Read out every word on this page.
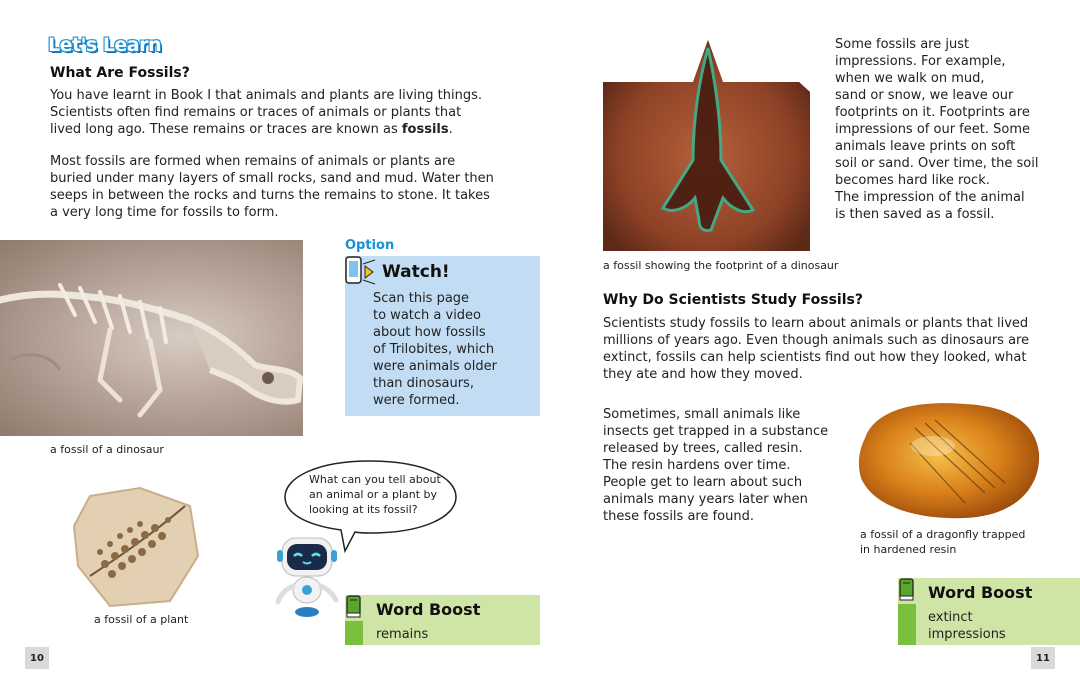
Let's Learn
What Are Fossils?
You have learnt in Book I that animals and plants are living things.
Scientists often find remains or traces of animals or plants that
lived long ago. These remains or traces are known as fossils.
Most fossils are formed when remains of animals or plants are
buried under many layers of small rocks, sand and mud. Water then
seeps in between the rocks and turns the remains to stone. It takes
a very long time for fossils to form.
a fossil of a dinosaur
Option
Watch!
Scan this page
to watch a video
about how fossils
of Trilobites, which
were animals older
than dinosaurs,
were formed.
a fossil of a plant
What can you tell about
an animal or a plant by
looking at its fossil?
Word Boost
remains
10
Some fossils are just
impressions. For example,
when we walk on mud,
sand or snow, we leave our
footprints on it. Footprints are
impressions of our feet. Some
animals leave prints on soft
soil or sand. Over time, the soil
becomes hard like rock.
The impression of the animal
is then saved as a fossil.
a fossil showing the footprint of a dinosaur
Why Do Scientists Study Fossils?
Scientists study fossils to learn about animals or plants that lived
millions of years ago. Even though animals such as dinosaurs are
extinct, fossils can help scientists find out how they looked, what
they ate and how they moved.
Sometimes, small animals like
insects get trapped in a substance
released by trees, called resin.
The resin hardens over time.
People get to learn about such
animals many years later when
these fossils are found.
a fossil of a dragonfly trapped
in hardened resin
Word Boost
extinct
impressions
11
